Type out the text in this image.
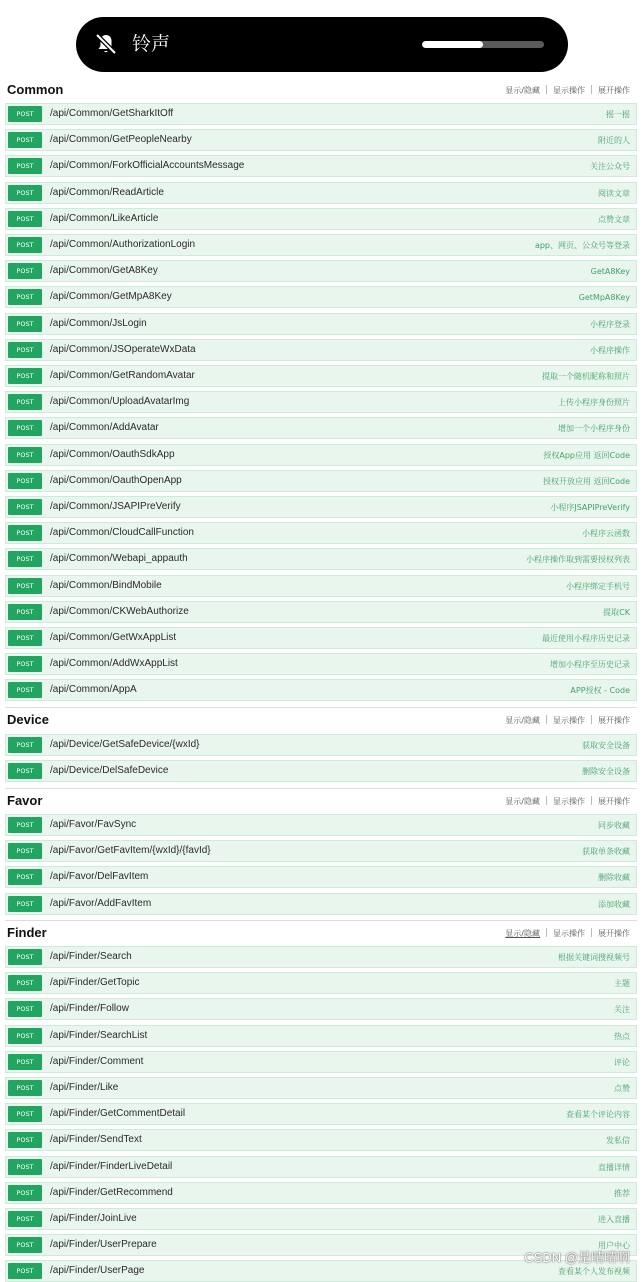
Common	显示/隐藏 显示操作 展开操作
POST	/api/Common/GetSharkItOff	摇一摇
POST	/api/Common/GetPeopleNearby	附近的人
POST	/api/Common/ForkOfficialAccountsMessage	关注公众号
POST	/api/Common/ReadArticle	阅读文章
POST	/api/Common/LikeArticle	点赞文章
POST	/api/Common/AuthorizationLogin	app、网页、公众号等登录
POST	/api/Common/GetA8Key	GetA8Key
POST	/api/Common/GetMpA8Key	GetMpA8Key
POST	/api/Common/JsLogin	小程序登录
POST	/api/Common/JSOperateWxData	小程序操作
POST	/api/Common/GetRandomAvatar	提取一个随机昵称和照片
POST	/api/Common/UploadAvatarImg	上传小程序身份照片
POST	/api/Common/AddAvatar	增加一个小程序身份
POST	/api/Common/OauthSdkApp	授权App应用 返回Code
POST	/api/Common/OauthOpenApp	授权开放应用 返回Code
POST	/api/Common/JSAPIPreVerify	小程序JSAPIPreVerify
POST	/api/Common/CloudCallFunction	小程序云函数
POST	/api/Common/Webapi_appauth	小程序操作取到需要授权列表
POST	/api/Common/BindMobile	小程序绑定手机号
POST	/api/Common/CKWebAuthorize	提取CK
POST	/api/Common/GetWxAppList	最近使用小程序历史记录
POST	/api/Common/AddWxAppList	增加小程序至历史记录
POST	/api/Common/AppA	APP授权 - Code
Device	显示/隐藏 显示操作 展开操作
POST	/api/Device/GetSafeDevice/{wxId}	获取安全设备
POST	/api/Device/DelSafeDevice	删除安全设备
Favor	显示/隐藏 显示操作 展开操作
POST	/api/Favor/FavSync	同步收藏
POST	/api/Favor/GetFavItem/{wxId}/{favId}	获取单条收藏
POST	/api/Favor/DelFavItem	删除收藏
POST	/api/Favor/AddFavItem	添加收藏
Finder	显示/隐藏 显示操作 展开操作
POST	/api/Finder/Search	根据关键词搜视频号
POST	/api/Finder/GetTopic	主题
POST	/api/Finder/Follow	关注
POST	/api/Finder/SearchList	热点
POST	/api/Finder/Comment	评论
POST	/api/Finder/Like	点赞
POST	/api/Finder/GetCommentDetail	查看某个评论内容
POST	/api/Finder/SendText	发私信
POST	/api/Finder/FinderLiveDetail	直播详情
POST	/api/Finder/GetRecommend	推荐
POST	/api/Finder/JoinLive	进入直播
POST	/api/Finder/UserPrepare	用户中心
POST	/api/Finder/UserPage	查看某个人发布视频
铃声
CSDN @是晴晴啊
